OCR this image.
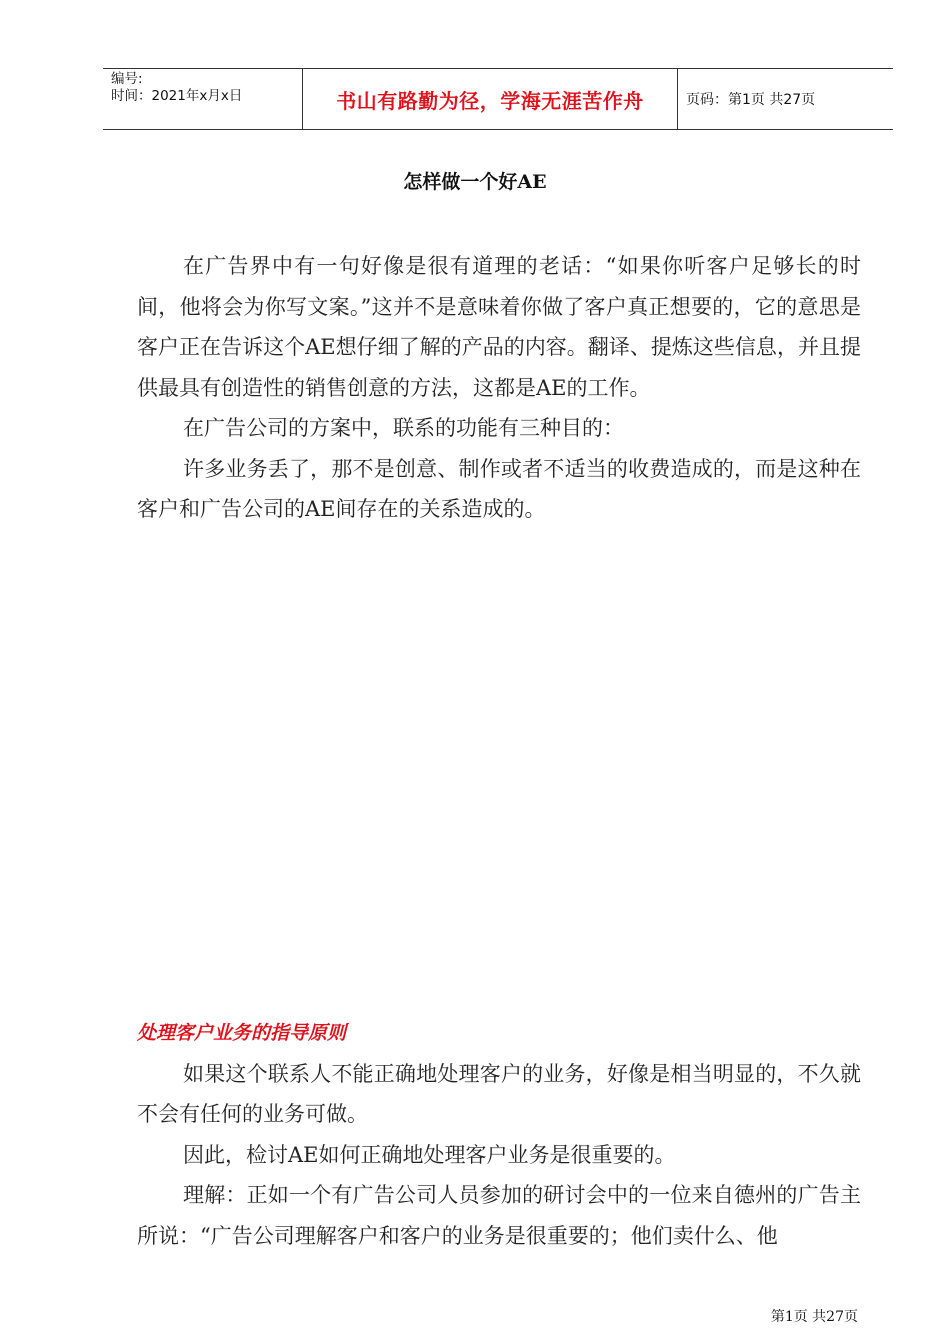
编号:
时间：2021年x月x日	书山有路勤为径，学海无涯苦作舟	页码：第1页 共27页
怎样做一个好AE

在广告界中有一句好像是很有道理的老话：“如果你听客户足够长的时间，他将会为你写文案。”这并不是意味着你做了客户真正想要的，它的意思是客户正在告诉这个AE想仔细了解的产品的内容。翻译、提炼这些信息，并且提供最具有创造性的销售创意的方法，这都是AE的工作。

在广告公司的方案中，联系的功能有三种目的：

许多业务丢了，那不是创意、制作或者不适当的收费造成的，而是这种在客户和广告公司的AE间存在的关系造成的。

处理客户业务的指导原则

如果这个联系人不能正确地处理客户的业务，好像是相当明显的，不久就不会有任何的业务可做。

因此，检讨AE如何正确地处理客户业务是很重要的。

理解：正如一个有广告公司人员参加的研讨会中的一位来自德州的广告主所说：“广告公司理解客户和客户的业务是很重要的；他们卖什么、他

第1页 共27页
